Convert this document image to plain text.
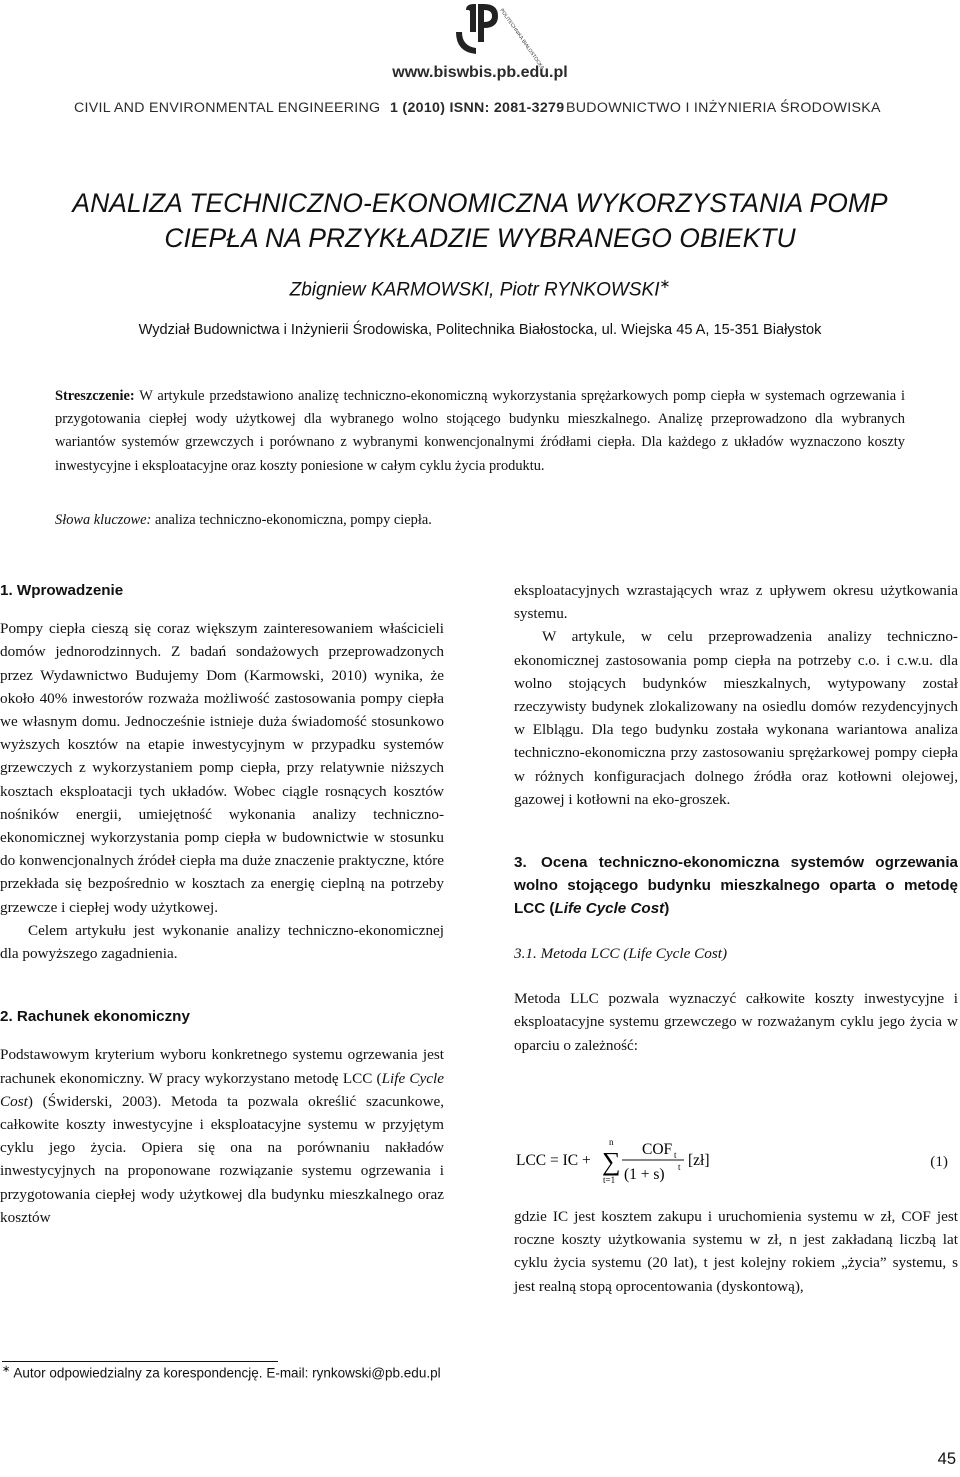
POLITECHNIKA BIAŁOSTOCKA
www.biswbis.pb.edu.pl
CIVIL AND ENVIRONMENTAL ENGINEERING 1 (2010) ISNN: 2081-3279 BUDOWNICTWO I INŻYNIERIA ŚRODOWISKA
ANALIZA TECHNICZNO-EKONOMICZNA WYKORZYSTANIA POMP
CIEPŁA NA PRZYKŁADZIE WYBRANEGO OBIEKTU
Zbigniew KARMOWSKI, Piotr RYNKOWSKI∗
Wydział Budownictwa i Inżynierii Środowiska, Politechnika Białostocka, ul. Wiejska 45 A, 15-351 Białystok

Streszczenie: W artykule przedstawiono analizę techniczno-ekonomiczną wykorzystania sprężarkowych pomp ciepła w systemach ogrzewania i przygotowania ciepłej wody użytkowej dla wybranego wolno stojącego budynku mieszkalnego. Analizę przeprowadzono dla wybranych wariantów systemów grzewczych i porównano z wybranymi konwencjonalnymi źródłami ciepła. Dla każdego z układów wyznaczono koszty inwestycyjne i eksploatacyjne oraz koszty poniesione w całym cyklu życia produktu.

Słowa kluczowe: analiza techniczno-ekonomiczna, pompy ciepła.

1. Wprowadzenie

Pompy ciepła cieszą się coraz większym zainteresowaniem właścicieli domów jednorodzinnych. Z badań sondażowych przeprowadzonych przez Wydawnictwo Budujemy Dom (Karmowski, 2010) wynika, że około 40% inwestorów rozważa możliwość zastosowania pompy ciepła we własnym domu. Jednocześnie istnieje duża świadomość stosunkowo wyższych kosztów na etapie inwestycyjnym w przypadku systemów grzewczych z wykorzystaniem pomp ciepła, przy relatywnie niższych kosztach eksploatacji tych układów. Wobec ciągle rosnących kosztów nośników energii, umiejętność wykonania analizy techniczno-ekonomicznej wykorzystania pomp ciepła w budownictwie w stosunku do konwencjonalnych źródeł ciepła ma duże znaczenie praktyczne, które przekłada się bezpośrednio w kosztach za energię cieplną na potrzeby grzewcze i ciepłej wody użytkowej.

Celem artykułu jest wykonanie analizy techniczno-ekonomicznej dla powyższego zagadnienia.

2. Rachunek ekonomiczny

Podstawowym kryterium wyboru konkretnego systemu ogrzewania jest rachunek ekonomiczny. W pracy wykorzystano metodę LCC (Life Cycle Cost) (Świderski, 2003). Metoda ta pozwala określić szacunkowe, całkowite koszty inwestycyjne i eksploatacyjne systemu w przyjętym cyklu jego życia. Opiera się ona na porównaniu nakładów inwestycyjnych na proponowane rozwiązanie systemu ogrzewania i przygotowania ciepłej wody użytkowej dla budynku mieszkalnego oraz kosztów

eksploatacyjnych wzrastających wraz z upływem okresu użytkowania systemu.

W artykule, w celu przeprowadzenia analizy techniczno-ekonomicznej zastosowania pomp ciepła na potrzeby c.o. i c.w.u. dla wolno stojących budynków mieszkalnych, wytypowany został rzeczywisty budynek zlokalizowany na osiedlu domów rezydencyjnych w Elblągu. Dla tego budynku została wykonana wariantowa analiza techniczno-ekonomiczna przy zastosowaniu sprężarkowej pompy ciepła w różnych konfiguracjach dolnego źródła oraz kotłowni olejowej, gazowej i kotłowni na eko-groszek.

3. Ocena techniczno-ekonomiczna systemów ogrzewania wolno stojącego budynku mieszkalnego oparta o metodę LCC (Life Cycle Cost)

3.1. Metoda LCC (Life Cycle Cost)

Metoda LLC pozwala wyznaczyć całkowite koszty inwestycyjne i eksploatacyjne systemu grzewczego w rozważanym cyklu jego życia w oparciu o zależność:

LCC = IC + ∑
n
t=1
COF t
(1 + s) t [zł]	(1)

gdzie IC jest kosztem zakupu i uruchomienia systemu w zł, COF jest roczne koszty użytkowania systemu w zł, n jest zakładaną liczbą lat cyklu życia systemu (20 lat), t jest kolejny rokiem „życia” systemu, s jest realną stopą oprocentowania (dyskontową),

∗ Autor odpowiedzialny za korespondencję. E-mail: rynkowski@pb.edu.pl
45
